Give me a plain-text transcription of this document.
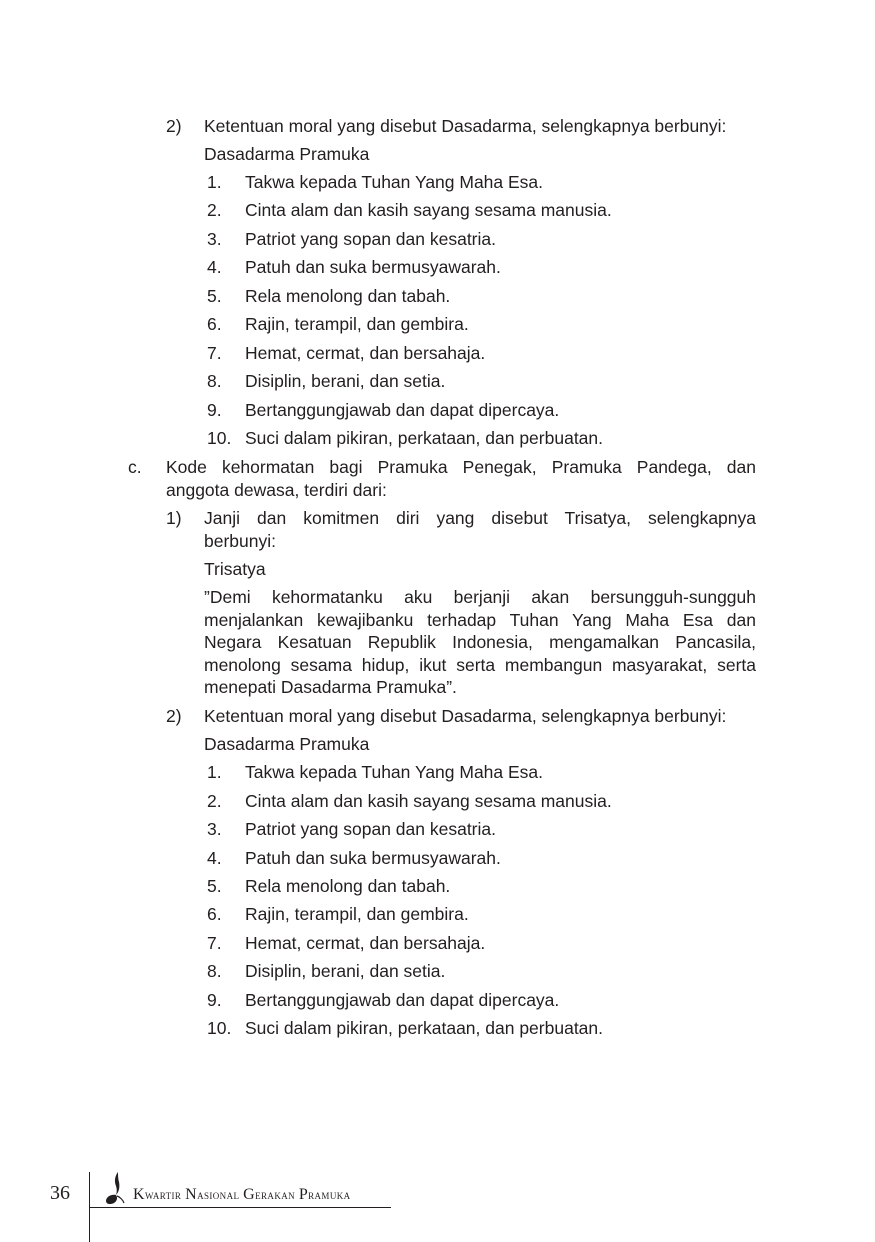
2) Ketentuan moral yang disebut Dasadarma, selengkapnya berbunyi:
Dasadarma Pramuka
1. Takwa kepada Tuhan Yang Maha Esa.
2. Cinta alam dan kasih sayang sesama manusia.
3. Patriot yang sopan dan kesatria.
4. Patuh dan suka bermusyawarah.
5. Rela menolong dan tabah.
6. Rajin, terampil, dan gembira.
7. Hemat, cermat, dan bersahaja.
8. Disiplin, berani, dan setia.
9. Bertanggungjawab dan dapat dipercaya.
10. Suci dalam pikiran, perkataan, dan perbuatan.
c. Kode kehormatan bagi Pramuka Penegak, Pramuka Pandega, dan
anggota dewasa, terdiri dari:
1) Janji dan komitmen diri yang disebut Trisatya, selengkapnya
berbunyi:
Trisatya
”Demi kehormatanku aku berjanji akan bersungguh-sungguh
menjalankan kewajibanku terhadap Tuhan Yang Maha Esa dan
Negara Kesatuan Republik Indonesia, mengamalkan Pancasila,
menolong sesama hidup, ikut serta membangun masyarakat, serta
menepati Dasadarma Pramuka”.
2) Ketentuan moral yang disebut Dasadarma, selengkapnya berbunyi:
Dasadarma Pramuka
1. Takwa kepada Tuhan Yang Maha Esa.
2. Cinta alam dan kasih sayang sesama manusia.
3. Patriot yang sopan dan kesatria.
4. Patuh dan suka bermusyawarah.
5. Rela menolong dan tabah.
6. Rajin, terampil, dan gembira.
7. Hemat, cermat, dan bersahaja.
8. Disiplin, berani, dan setia.
9. Bertanggungjawab dan dapat dipercaya.
10. Suci dalam pikiran, perkataan, dan perbuatan.
36	Kwartir Nasional Gerakan Pramuka
